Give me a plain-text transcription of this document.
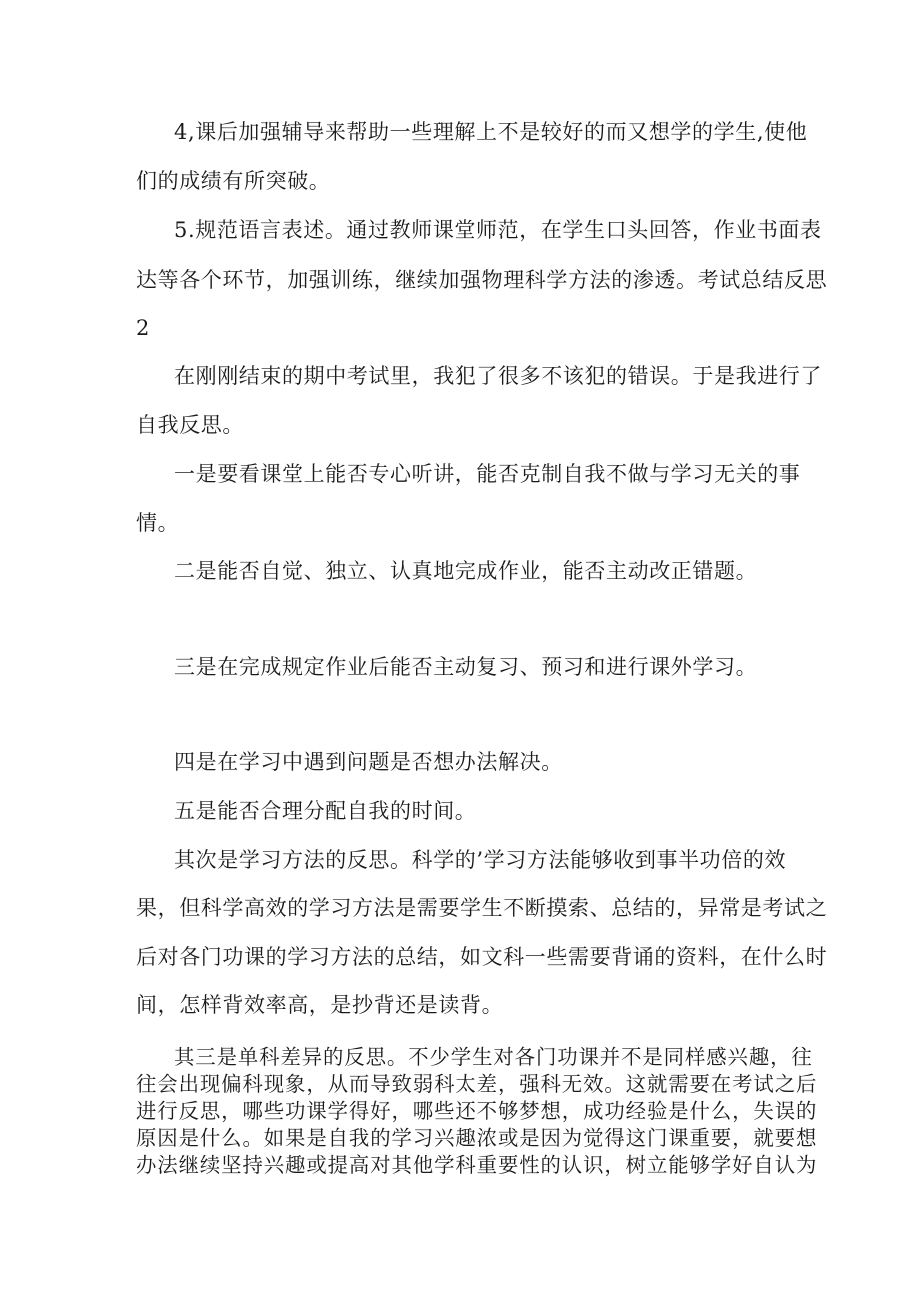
4,课后加强辅导来帮助一些理解上不是较好的而又想学的学生,使他
们的成绩有所突破。
5.规范语言表述。通过教师课堂师范，在学生口头回答，作业书面表
达等各个环节，加强训练，继续加强物理科学方法的渗透。考试总结反思
2
在刚刚结束的期中考试里，我犯了很多不该犯的错误。于是我进行了
自我反思。
一是要看课堂上能否专心听讲，能否克制自我不做与学习无关的事
情。
二是能否自觉、独立、认真地完成作业，能否主动改正错题。
三是在完成规定作业后能否主动复习、预习和进行课外学习。
四是在学习中遇到问题是否想办法解决。
五是能否合理分配自我的时间。
其次是学习方法的反思。科学的’学习方法能够收到事半功倍的效
果，但科学高效的学习方法是需要学生不断摸索、总结的，异常是考试之
后对各门功课的学习方法的总结，如文科一些需要背诵的资料，在什么时
间，怎样背效率高，是抄背还是读背。
其三是单科差异的反思。不少学生对各门功课并不是同样感兴趣，往
往会出现偏科现象，从而导致弱科太差，强科无效。这就需要在考试之后
进行反思，哪些功课学得好，哪些还不够梦想，成功经验是什么，失误的
原因是什么。如果是自我的学习兴趣浓或是因为觉得这门课重要，就要想
办法继续坚持兴趣或提高对其他学科重要性的认识，树立能够学好自认为
